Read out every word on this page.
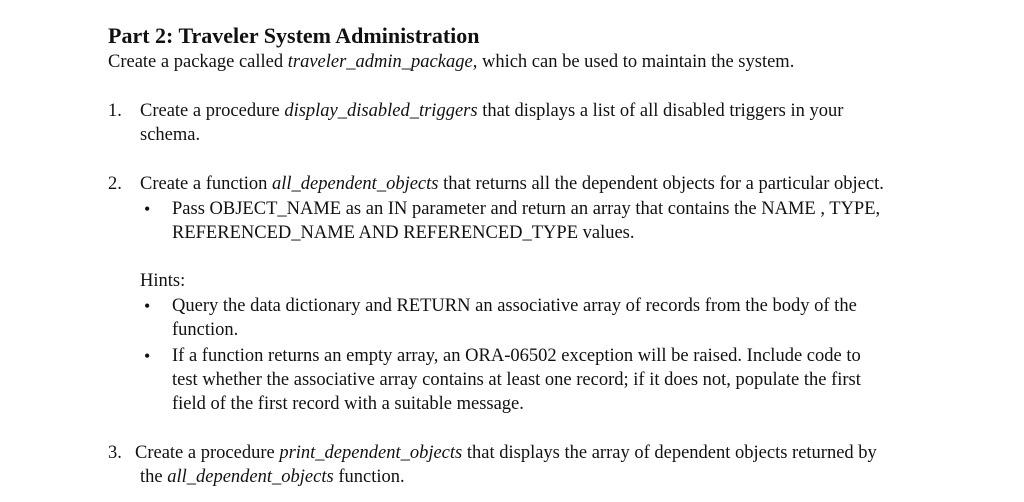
Part 2: Traveler System Administration
Create a package called traveler_admin_package, which can be used to maintain the system.
1. Create a procedure display_disabled_triggers that displays a list of all disabled triggers in your
schema.
2. Create a function all_dependent_objects that returns all the dependent objects for a particular object.
• Pass OBJECT_NAME as an IN parameter and return an array that contains the NAME , TYPE,
REFERENCED_NAME AND REFERENCED_TYPE values.
Hints:
• Query the data dictionary and RETURN an associative array of records from the body of the
function.
• If a function returns an empty array, an ORA-06502 exception will be raised. Include code to
test whether the associative array contains at least one record; if it does not, populate the first
field of the first record with a suitable message.
3. Create a procedure print_dependent_objects that displays the array of dependent objects returned by
the all_dependent_objects function.
